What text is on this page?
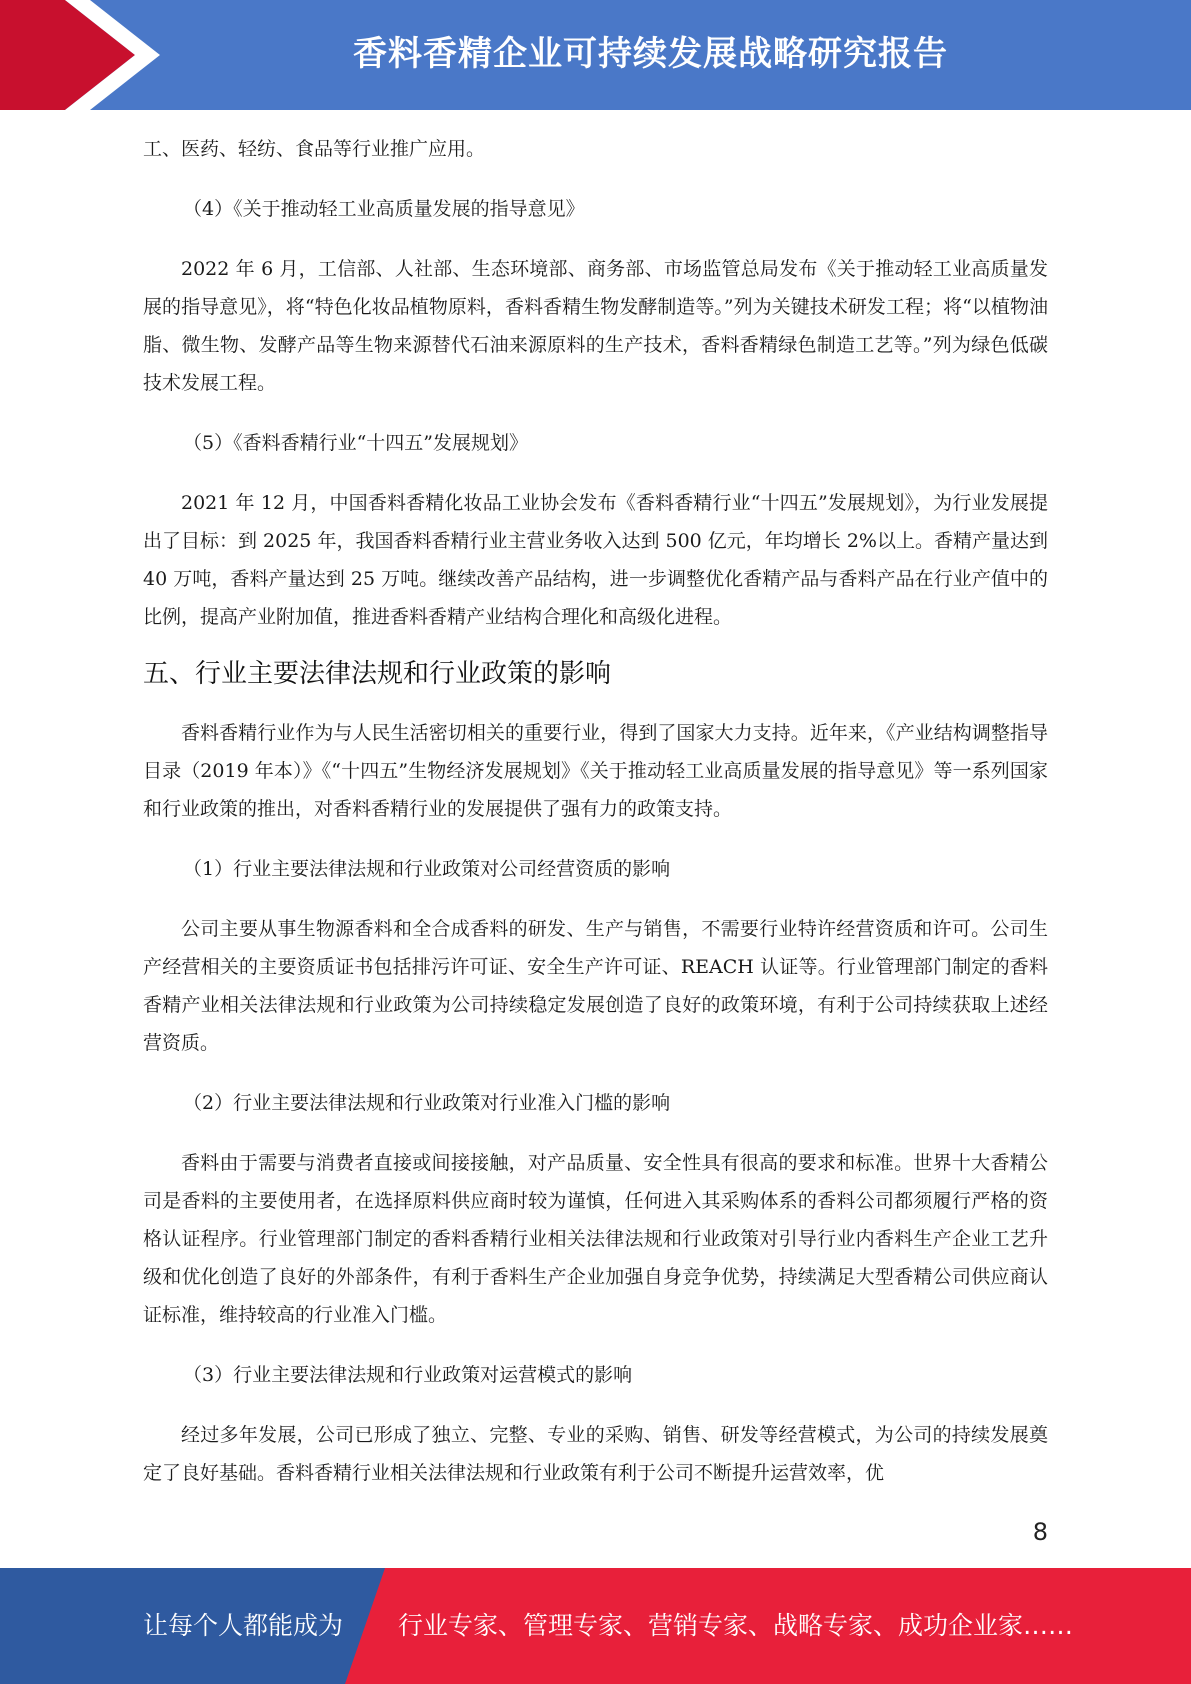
香料香精企业可持续发展战略研究报告

工、医药、轻纺、食品等行业推广应用。

（4）《关于推动轻工业高质量发展的指导意见》

2022 年 6 月，工信部、人社部、生态环境部、商务部、市场监管总局发布《关于推动轻工业高质量发展的指导意见》，将“特色化妆品植物原料，香料香精生物发酵制造等。”列为关键技术研发工程；将“以植物油脂、微生物、发酵产品等生物来源替代石油来源原料的生产技术，香料香精绿色制造工艺等。”列为绿色低碳技术发展工程。

（5）《香料香精行业“十四五”发展规划》

2021 年 12 月，中国香料香精化妆品工业协会发布《香料香精行业“十四五”发展规划》，为行业发展提出了目标：到 2025 年，我国香料香精行业主营业务收入达到 500 亿元，年均增长 2%以上。香精产量达到 40 万吨，香料产量达到 25 万吨。继续改善产品结构，进一步调整优化香精产品与香料产品在行业产值中的比例，提高产业附加值，推进香料香精产业结构合理化和高级化进程。

五、行业主要法律法规和行业政策的影响

香料香精行业作为与人民生活密切相关的重要行业，得到了国家大力支持。近年来，《产业结构调整指导目录（2019 年本）》《“十四五”生物经济发展规划》《关于推动轻工业高质量发展的指导意见》等一系列国家和行业政策的推出，对香料香精行业的发展提供了强有力的政策支持。

（1）行业主要法律法规和行业政策对公司经营资质的影响

公司主要从事生物源香料和全合成香料的研发、生产与销售，不需要行业特许经营资质和许可。公司生产经营相关的主要资质证书包括排污许可证、安全生产许可证、REACH 认证等。行业管理部门制定的香料香精产业相关法律法规和行业政策为公司持续稳定发展创造了良好的政策环境，有利于公司持续获取上述经营资质。

（2）行业主要法律法规和行业政策对行业准入门槛的影响

香料由于需要与消费者直接或间接接触，对产品质量、安全性具有很高的要求和标准。世界十大香精公司是香料的主要使用者，在选择原料供应商时较为谨慎，任何进入其采购体系的香料公司都须履行严格的资格认证程序。行业管理部门制定的香料香精行业相关法律法规和行业政策对引导行业内香料生产企业工艺升级和优化创造了良好的外部条件，有利于香料生产企业加强自身竞争优势，持续满足大型香精公司供应商认证标准，维持较高的行业准入门槛。

（3）行业主要法律法规和行业政策对运营模式的影响

经过多年发展，公司已形成了独立、完整、专业的采购、销售、研发等经营模式，为公司的持续发展奠定了良好基础。香料香精行业相关法律法规和行业政策有利于公司不断提升运营效率，优

8
让每个人都能成为 行业专家、管理专家、营销专家、战略专家、成功企业家……
